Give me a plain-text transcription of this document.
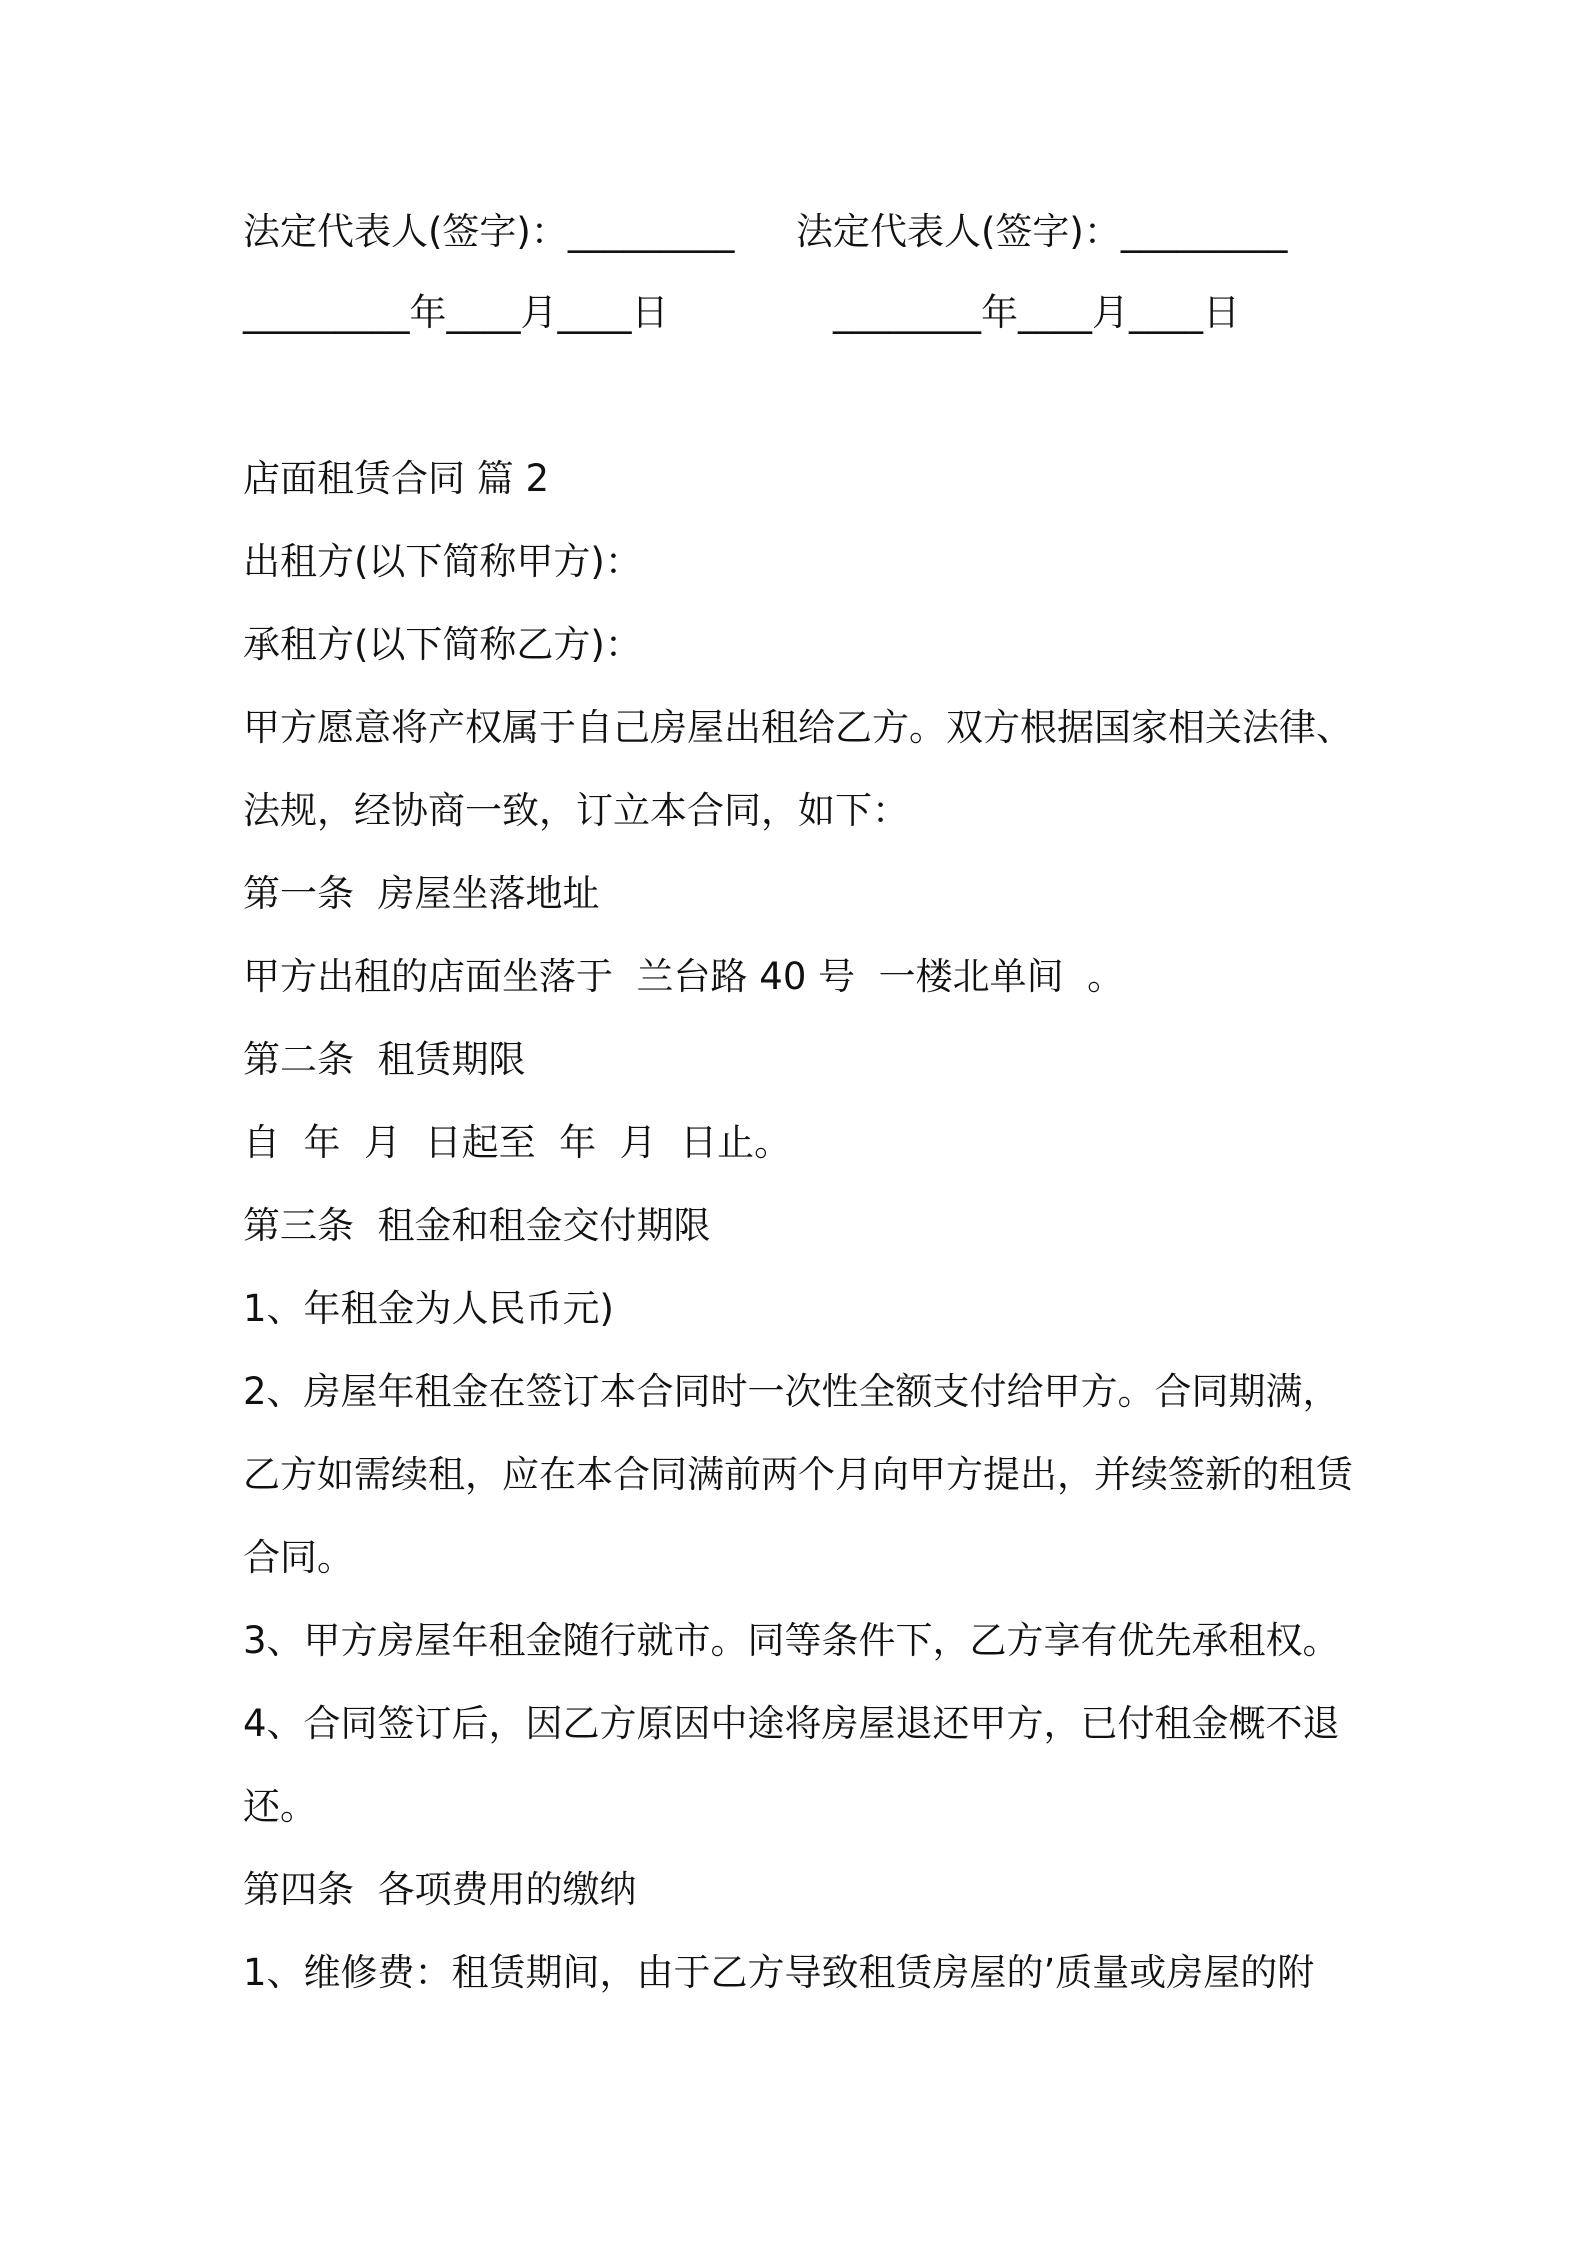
法定代表人(签字)：_________

法定代表人(签字)：_________

_________年____月____日

	________年____月____日

店面租赁合同 篇 2
出租方(以下简称甲方)：
承租方(以下简称乙方)：
甲方愿意将产权属于自己房屋出租给乙方。双方根据国家相关法律、
法规，经协商一致，订立本合同，如下：
第一条  房屋坐落地址
甲方出租的店面坐落于  兰台路 40 号  一楼北单间  。
第二条  租赁期限
自  年  月  日起至  年  月  日止。
第三条  租金和租金交付期限
1、年租金为人民币元)
2、房屋年租金在签订本合同时一次性全额支付给甲方。合同期满，
乙方如需续租，应在本合同满前两个月向甲方提出，并续签新的租赁
合同。
3、甲方房屋年租金随行就市。同等条件下，乙方享有优先承租权。
4、合同签订后，因乙方原因中途将房屋退还甲方，已付租金概不退
还。
第四条  各项费用的缴纳
1、维修费：租赁期间，由于乙方导致租赁房屋的’质量或房屋的附
